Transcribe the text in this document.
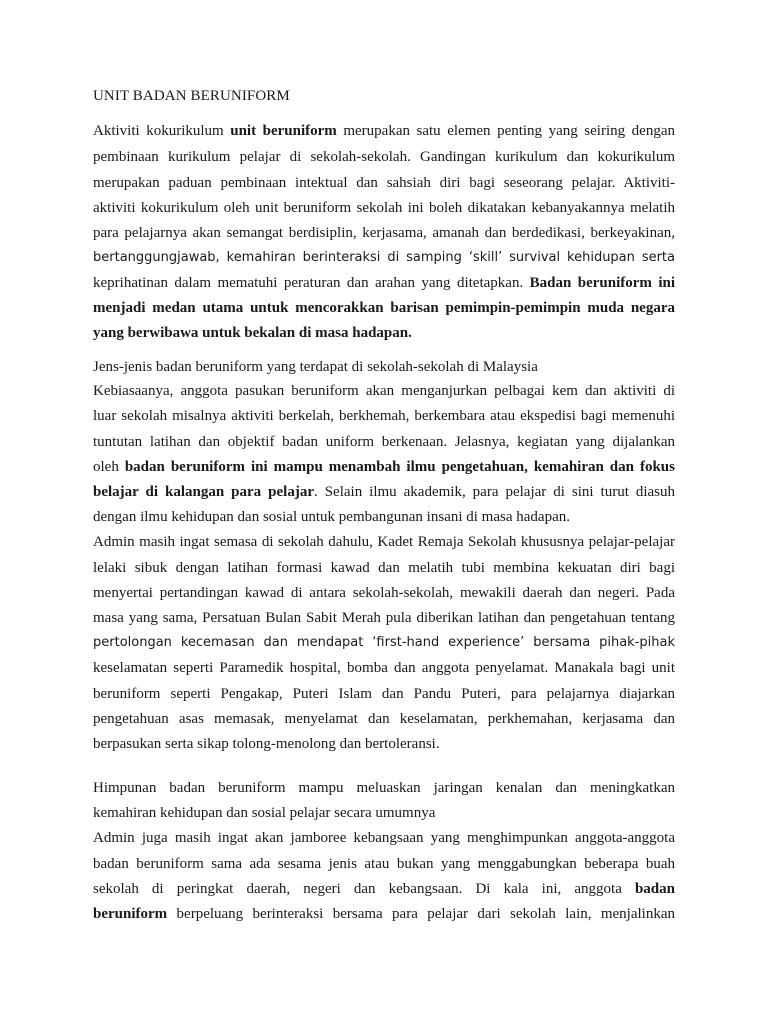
UNIT BADAN BERUNIFORM

Aktiviti kokurikulum unit beruniform merupakan satu elemen penting yang seiring dengan

pembinaan kurikulum pelajar di sekolah-sekolah. Gandingan kurikulum dan kokurikulum

merupakan paduan pembinaan intektual dan sahsiah diri bagi seseorang pelajar. Aktiviti-

aktiviti kokurikulum oleh unit beruniform sekolah ini boleh dikatakan kebanyakannya melatih

para pelajarnya akan semangat berdisiplin, kerjasama, amanah dan berdedikasi, berkeyakinan,

bertanggungjawab, kemahiran berinteraksi di samping ‘skill’ survival kehidupan serta

keprihatinan dalam mematuhi peraturan dan arahan yang ditetapkan. Badan beruniform ini

menjadi medan utama untuk mencorakkan barisan pemimpin-pemimpin muda negara

yang berwibawa untuk bekalan di masa hadapan.

Jens-jenis badan beruniform yang terdapat di sekolah-sekolah di Malaysia

Kebiasaanya, anggota pasukan beruniform akan menganjurkan pelbagai kem dan aktiviti di

luar sekolah misalnya aktiviti berkelah, berkhemah, berkembara atau ekspedisi bagi memenuhi

tuntutan latihan dan objektif badan uniform berkenaan. Jelasnya, kegiatan yang dijalankan

oleh badan beruniform ini mampu menambah ilmu pengetahuan, kemahiran dan fokus

belajar di kalangan para pelajar. Selain ilmu akademik, para pelajar di sini turut diasuh

dengan ilmu kehidupan dan sosial untuk pembangunan insani di masa hadapan.

Admin masih ingat semasa di sekolah dahulu, Kadet Remaja Sekolah khususnya pelajar-pelajar

lelaki sibuk dengan latihan formasi kawad dan melatih tubi membina kekuatan diri bagi

menyertai pertandingan kawad di antara sekolah-sekolah, mewakili daerah dan negeri. Pada

masa yang sama, Persatuan Bulan Sabit Merah pula diberikan latihan dan pengetahuan tentang

pertolongan kecemasan dan mendapat ‘first-hand experience’ bersama pihak-pihak

keselamatan seperti Paramedik hospital, bomba dan anggota penyelamat. Manakala bagi unit

beruniform seperti Pengakap, Puteri Islam dan Pandu Puteri, para pelajarnya diajarkan

pengetahuan asas memasak, menyelamat dan keselamatan, perkhemahan, kerjasama dan

berpasukan serta sikap tolong-menolong dan bertoleransi.

Himpunan badan beruniform mampu meluaskan jaringan kenalan dan meningkatkan

kemahiran kehidupan dan sosial pelajar secara umumnya

Admin juga masih ingat akan jamboree kebangsaan yang menghimpunkan anggota-anggota

badan beruniform sama ada sesama jenis atau bukan yang menggabungkan beberapa buah

sekolah di peringkat daerah, negeri dan kebangsaan. Di kala ini, anggota badan

beruniform berpeluang berinteraksi bersama para pelajar dari sekolah lain, menjalinkan
